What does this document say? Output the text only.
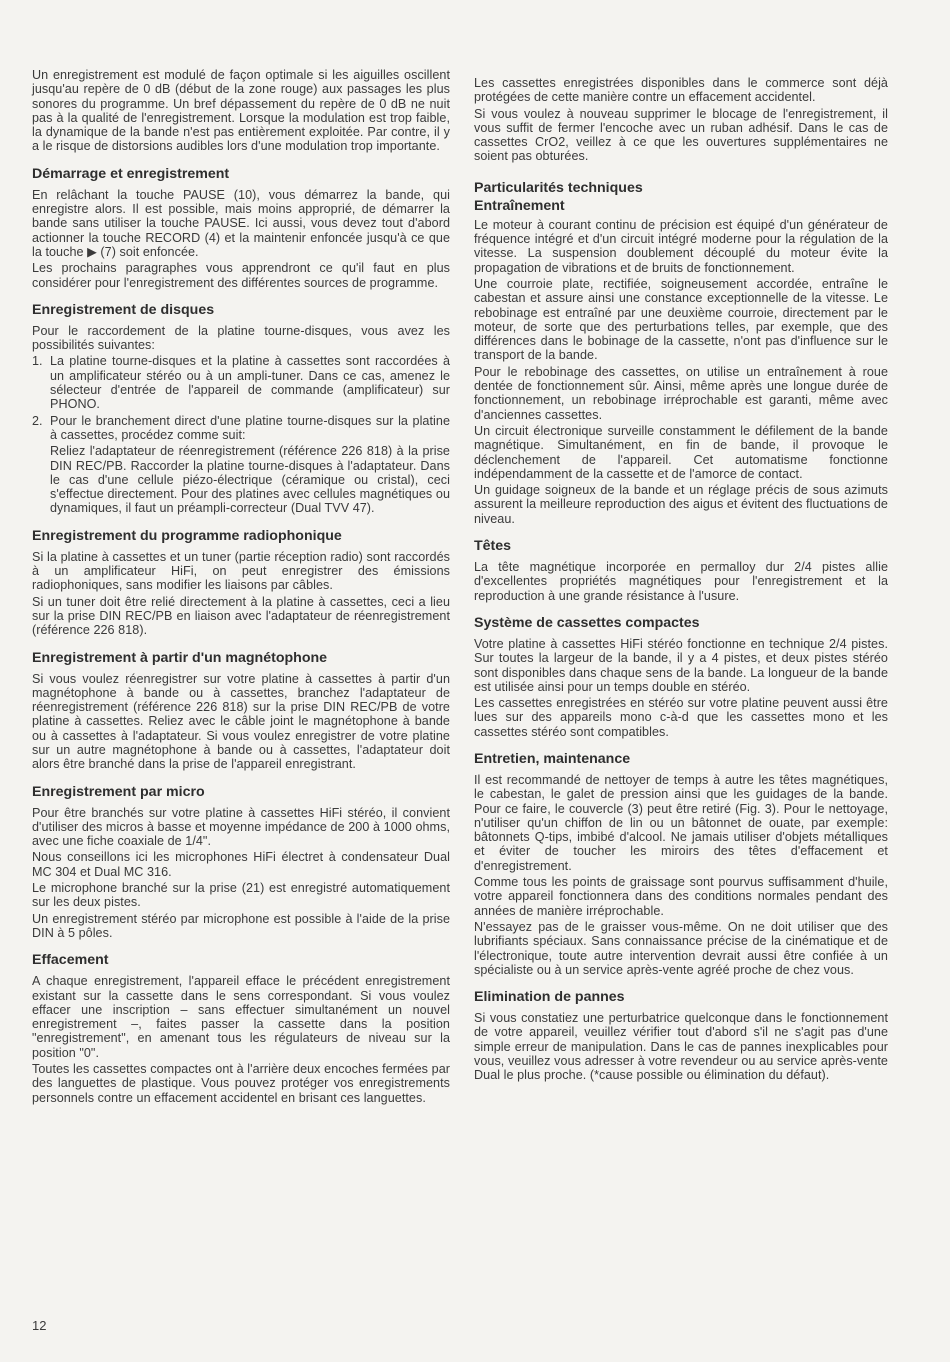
Un enregistrement est modulé de façon optimale si les aiguilles oscillent jusqu'au repère de 0 dB (début de la zone rouge) aux passages les plus sonores du programme. Un bref dépassement du repère de 0 dB ne nuit pas à la qualité de l'enregistrement. Lorsque la modulation est trop faible, la dynamique de la bande n'est pas entièrement exploitée. Par contre, il y a le risque de distorsions audibles lors d'une modulation trop importante.

Démarrage et enregistrement

En relâchant la touche PAUSE (10), vous démarrez la bande, qui enregistre alors. Il est possible, mais moins approprié, de démarrer la bande sans utiliser la touche PAUSE. Ici aussi, vous devez tout d'abord actionner la touche RECORD (4) et la maintenir enfoncée jusqu'à ce que la touche ▶ (7) soit enfoncée.

Les prochains paragraphes vous apprendront ce qu'il faut en plus considérer pour l'enregistrement des différentes sources de programme.

Enregistrement de disques

Pour le raccordement de la platine tourne-disques, vous avez les possibilités suivantes:

1. La platine tourne-disques et la platine à cassettes sont raccordées à un amplificateur stéréo ou à un ampli-tuner. Dans ce cas, amenez le sélecteur d'entrée de l'appareil de commande (amplificateur) sur PHONO.

2. Pour le branchement direct d'une platine tourne-disques sur la platine à cassettes, procédez comme suit:

Reliez l'adaptateur de réenregistrement (référence 226 818) à la prise DIN REC/PB. Raccorder la platine tourne-disques à l'adaptateur. Dans le cas d'une cellule piézo-électrique (céramique ou cristal), ceci s'effectue directement. Pour des platines avec cellules magnétiques ou dynamiques, il faut un préampli-correcteur (Dual TVV 47).

Enregistrement du programme radiophonique

Si la platine à cassettes et un tuner (partie réception radio) sont raccordés à un amplificateur HiFi, on peut enregistrer des émissions radiophoniques, sans modifier les liaisons par câbles.

Si un tuner doit être relié directement à la platine à cassettes, ceci a lieu sur la prise DIN REC/PB en liaison avec l'adaptateur de réenregistrement (référence 226 818).

Enregistrement à partir d'un magnétophone

Si vous voulez réenregistrer sur votre platine à cassettes à partir d'un magnétophone à bande ou à cassettes, branchez l'adaptateur de réenregistrement (référence 226 818) sur la prise DIN REC/PB de votre platine à cassettes. Reliez avec le câble joint le magnétophone à bande ou à cassettes à l'adaptateur. Si vous voulez enregistrer de votre platine sur un autre magnétophone à bande ou à cassettes, l'adaptateur doit alors être branché dans la prise de l'appareil enregistrant.

Enregistrement par micro

Pour être branchés sur votre platine à cassettes HiFi stéréo, il convient d'utiliser des micros à basse et moyenne impédance de 200 à 1000 ohms, avec une fiche coaxiale de 1/4".

Nous conseillons ici les microphones HiFi électret à condensateur Dual MC 304 et Dual MC 316.

Le microphone branché sur la prise (21) est enregistré automatiquement sur les deux pistes.

Un enregistrement stéréo par microphone est possible à l'aide de la prise DIN à 5 pôles.

Effacement

A chaque enregistrement, l'appareil efface le précédent enregistrement existant sur la cassette dans le sens correspondant. Si vous voulez effacer une inscription – sans effectuer simultanément un nouvel enregistrement –, faites passer la cassette dans la position "enregistrement", en amenant tous les régulateurs de niveau sur la position "0".

Toutes les cassettes compactes ont à l'arrière deux encoches fermées par des languettes de plastique. Vous pouvez protéger vos enregistrements personnels contre un effacement accidentel en brisant ces languettes.

Les cassettes enregistrées disponibles dans le commerce sont déjà protégées de cette manière contre un effacement accidentel.

Si vous voulez à nouveau supprimer le blocage de l'enregistrement, il vous suffit de fermer l'encoche avec un ruban adhésif. Dans le cas de cassettes CrO2, veillez à ce que les ouvertures supplémentaires ne soient pas obturées.

Particularités techniques
Entraînement

Le moteur à courant continu de précision est équipé d'un générateur de fréquence intégré et d'un circuit intégré moderne pour la régulation de la vitesse. La suspension doublement découplé du moteur évite la propagation de vibrations et de bruits de fonctionnement.

Une courroie plate, rectifiée, soigneusement accordée, entraîne le cabestan et assure ainsi une constance exceptionnelle de la vitesse. Le rebobinage est entraîné par une deuxième courroie, directement par le moteur, de sorte que des perturbations telles, par exemple, que des différences dans le bobinage de la cassette, n'ont pas d'influence sur le transport de la bande.

Pour le rebobinage des cassettes, on utilise un entraînement à roue dentée de fonctionnement sûr. Ainsi, même après une longue durée de fonctionnement, un rebobinage irréprochable est garanti, même avec d'anciennes cassettes.

Un circuit électronique surveille constamment le défilement de la bande magnétique. Simultanément, en fin de bande, il provoque le déclenchement de l'appareil. Cet automatisme fonctionne indépendamment de la cassette et de l'amorce de contact.

Un guidage soigneux de la bande et un réglage précis de sous azimuts assurent la meilleure reproduction des aigus et évitent des fluctuations de niveau.

Têtes

La tête magnétique incorporée en permalloy dur 2/4 pistes allie d'excellentes propriétés magnétiques pour l'enregistrement et la reproduction à une grande résistance à l'usure.

Système de cassettes compactes

Votre platine à cassettes HiFi stéréo fonctionne en technique 2/4 pistes. Sur toutes la largeur de la bande, il y a 4 pistes, et deux pistes stéréo sont disponibles dans chaque sens de la bande. La longueur de la bande est utilisée ainsi pour un temps double en stéréo.

Les cassettes enregistrées en stéréo sur votre platine peuvent aussi être lues sur des appareils mono c-à-d que les cassettes mono et les cassettes stéréo sont compatibles.

Entretien, maintenance

Il est recommandé de nettoyer de temps à autre les têtes magnétiques, le cabestan, le galet de pression ainsi que les guidages de la bande. Pour ce faire, le couvercle (3) peut être retiré (Fig. 3). Pour le nettoyage, n'utiliser qu'un chiffon de lin ou un bâtonnet de ouate, par exemple: bâtonnets Q-tips, imbibé d'alcool. Ne jamais utiliser d'objets métalliques et éviter de toucher les miroirs des têtes d'effacement et d'enregistrement.

Comme tous les points de graissage sont pourvus suffisamment d'huile, votre appareil fonctionnera dans des conditions normales pendant des années de manière irréprochable.

N'essayez pas de le graisser vous-même. On ne doit utiliser que des lubrifiants spéciaux. Sans connaissance précise de la cinématique et de l'électronique, toute autre intervention devrait aussi être confiée à un spécialiste ou à un service après-vente agréé proche de chez vous.

Elimination de pannes

Si vous constatiez une perturbatrice quelconque dans le fonctionnement de votre appareil, veuillez vérifier tout d'abord s'il ne s'agit pas d'une simple erreur de manipulation. Dans le cas de pannes inexplicables pour vous, veuillez vous adresser à votre revendeur ou au service après-vente Dual le plus proche. (*cause possible ou élimination du défaut).

12
